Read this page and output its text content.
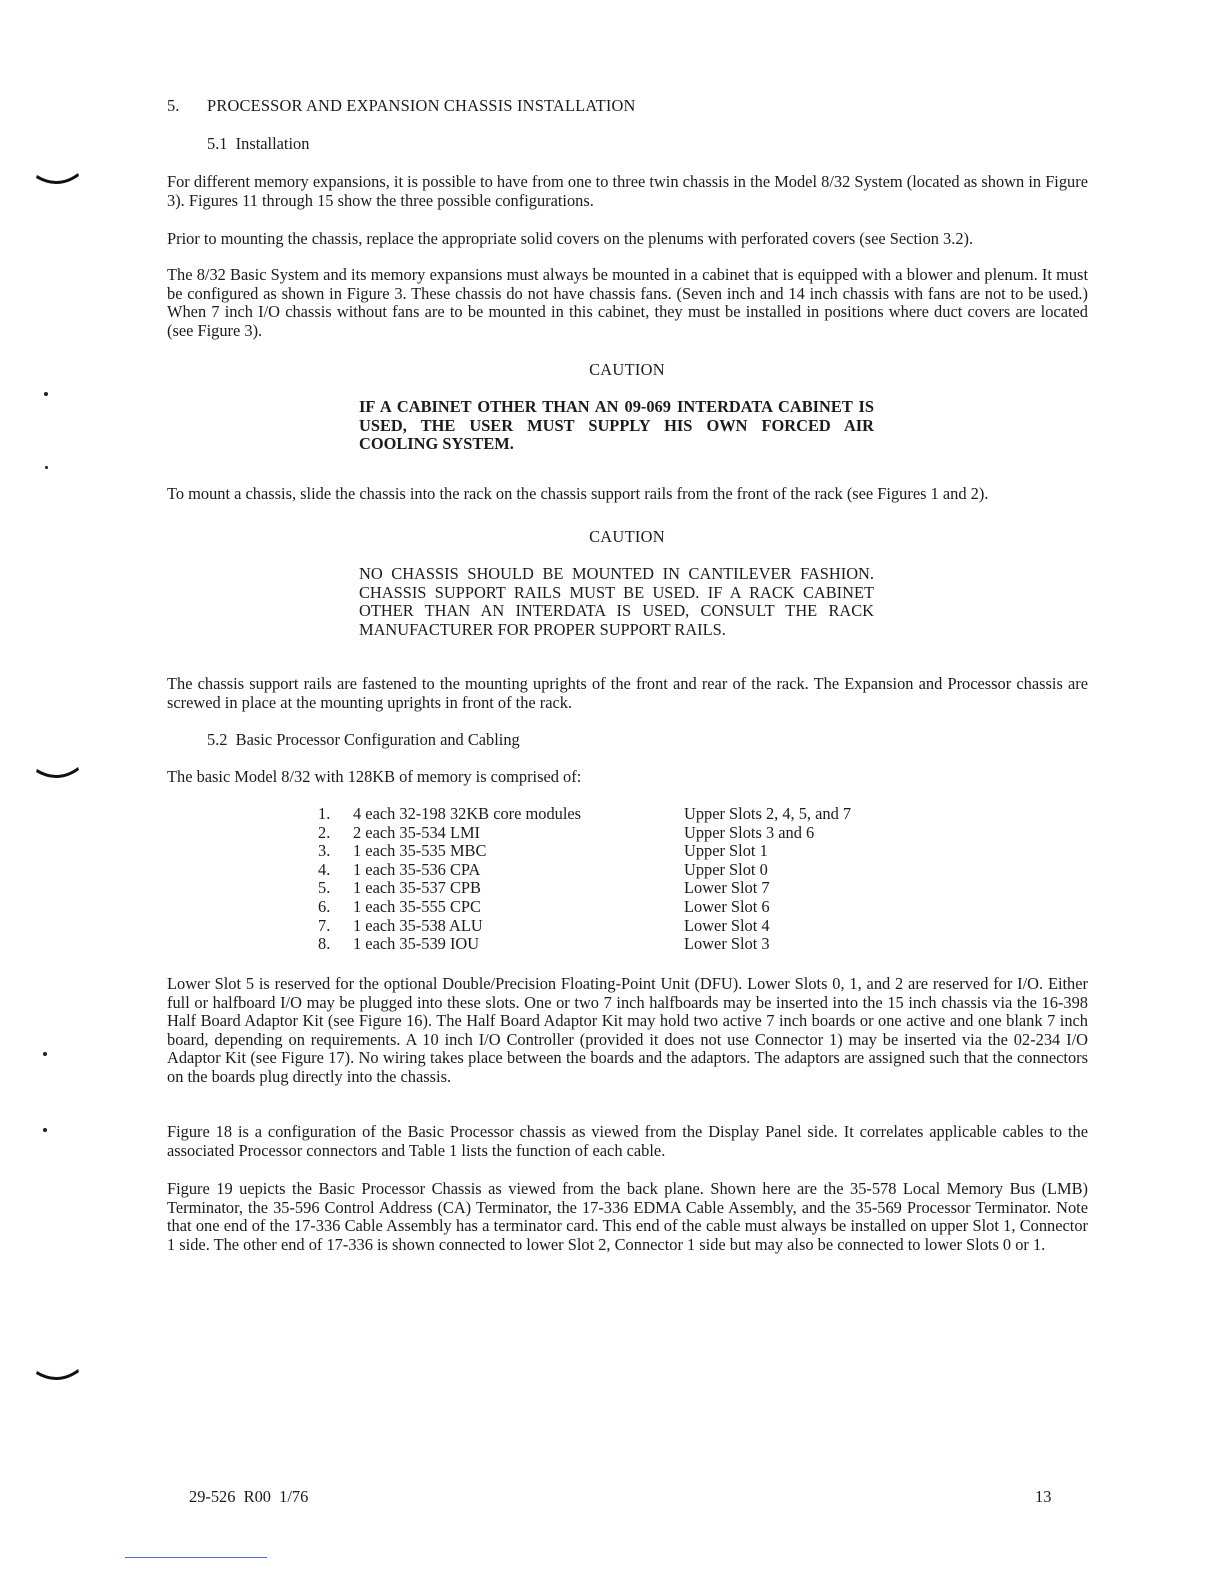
5. PROCESSOR AND EXPANSION CHASSIS INSTALLATION
5.1  Installation

For different memory expansions, it is possible to have from one to three twin chassis in the Model 8/32 System (located as shown in Figure 3). Figures 11 through 15 show the three possible configurations.

Prior to mounting the chassis, replace the appropriate solid covers on the plenums with perforated covers (see Section 3.2).

The 8/32 Basic System and its memory expansions must always be mounted in a cabinet that is equipped with a blower and plenum. It must be configured as shown in Figure 3. These chassis do not have chassis fans. (Seven inch and 14 inch chassis with fans are not to be used.) When 7 inch I/O chassis without fans are to be mounted in this cabinet, they must be installed in positions where duct covers are located (see Figure 3).

CAUTION

IF A CABINET OTHER THAN AN 09-069 INTERDATA CABINET IS USED, THE USER MUST SUPPLY HIS OWN FORCED AIR COOLING SYSTEM.

To mount a chassis, slide the chassis into the rack on the chassis support rails from the front of the rack (see Figures 1 and 2).

CAUTION

NO CHASSIS SHOULD BE MOUNTED IN CANTILEVER FASHION. CHASSIS SUPPORT RAILS MUST BE USED. IF A RACK CABINET OTHER THAN AN INTERDATA IS USED, CONSULT THE RACK MANUFACTURER FOR PROPER SUPPORT RAILS.

The chassis support rails are fastened to the mounting uprights of the front and rear of the rack. The Expansion and Processor chassis are screwed in place at the mounting uprights in front of the rack.

5.2  Basic Processor Configuration and Cabling

The basic Model 8/32 with 128KB of memory is comprised of:

1. 4 each 32-198 32KB core modules	Upper Slots 2, 4, 5, and 7
2. 2 each 35-534 LMI	Upper Slots 3 and 6
3. 1 each 35-535 MBC	Upper Slot 1
4. 1 each 35-536 CPA	Upper Slot 0
5. 1 each 35-537 CPB	Lower Slot 7
6. 1 each 35-555 CPC	Lower Slot 6
7. 1 each 35-538 ALU	Lower Slot 4
8. 1 each 35-539 IOU	Lower Slot 3

Lower Slot 5 is reserved for the optional Double/Precision Floating-Point Unit (DFU). Lower Slots 0, 1, and 2 are reserved for I/O. Either full or halfboard I/O may be plugged into these slots. One or two 7 inch halfboards may be inserted into the 15 inch chassis via the 16-398 Half Board Adaptor Kit (see Figure 16). The Half Board Adaptor Kit may hold two active 7 inch boards or one active and one blank 7 inch board, depending on requirements. A 10 inch I/O Controller (provided it does not use Connector 1) may be inserted via the 02-234 I/O Adaptor Kit (see Figure 17). No wiring takes place between the boards and the adaptors. The adaptors are assigned such that the connectors on the boards plug directly into the chassis.

Figure 18 is a configuration of the Basic Processor chassis as viewed from the Display Panel side. It correlates applicable cables to the associated Processor connectors and Table 1 lists the function of each cable.

Figure 19 uepicts the Basic Processor Chassis as viewed from the back plane. Shown here are the 35-578 Local Memory Bus (LMB) Terminator, the 35-596 Control Address (CA) Terminator, the 17-336 EDMA Cable Assembly, and the 35-569 Processor Terminator. Note that one end of the 17-336 Cable Assembly has a terminator card. This end of the cable must always be installed on upper Slot 1, Connector 1 side. The other end of 17-336 is shown connected to lower Slot 2, Connector 1 side but may also be connected to lower Slots 0 or 1.

29-526  R00  1/76	13
